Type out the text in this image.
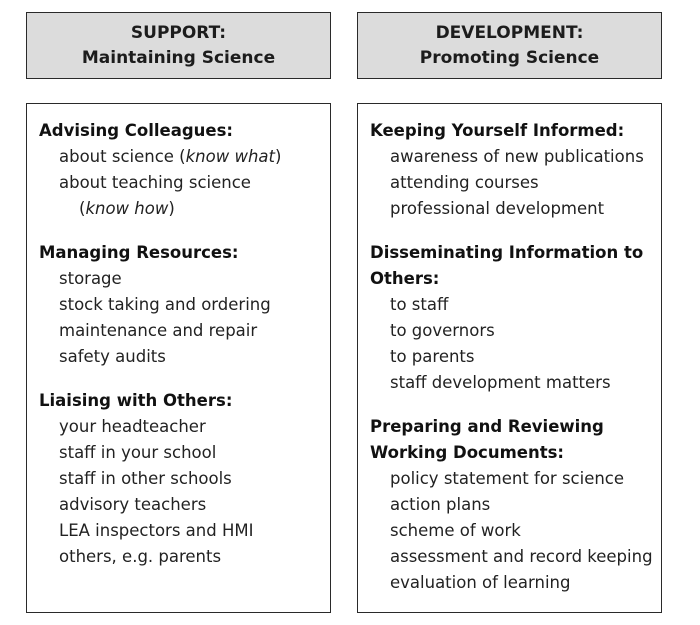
SUPPORT:
Maintaining Science
DEVELOPMENT:
Promoting Science
Advising Colleagues:
about science (know what)
about teaching science
(know how)
Managing Resources:
storage
stock taking and ordering
maintenance and repair
safety audits
Liaising with Others:
your headteacher
staff in your school
staff in other schools
advisory teachers
LEA inspectors and HMI
others, e.g. parents
Keeping Yourself Informed:
awareness of new publications
attending courses
professional development
Disseminating Information to
Others:
to staff
to governors
to parents
staff development matters
Preparing and Reviewing
Working Documents:
policy statement for science
action plans
scheme of work
assessment and record keeping
evaluation of learning
